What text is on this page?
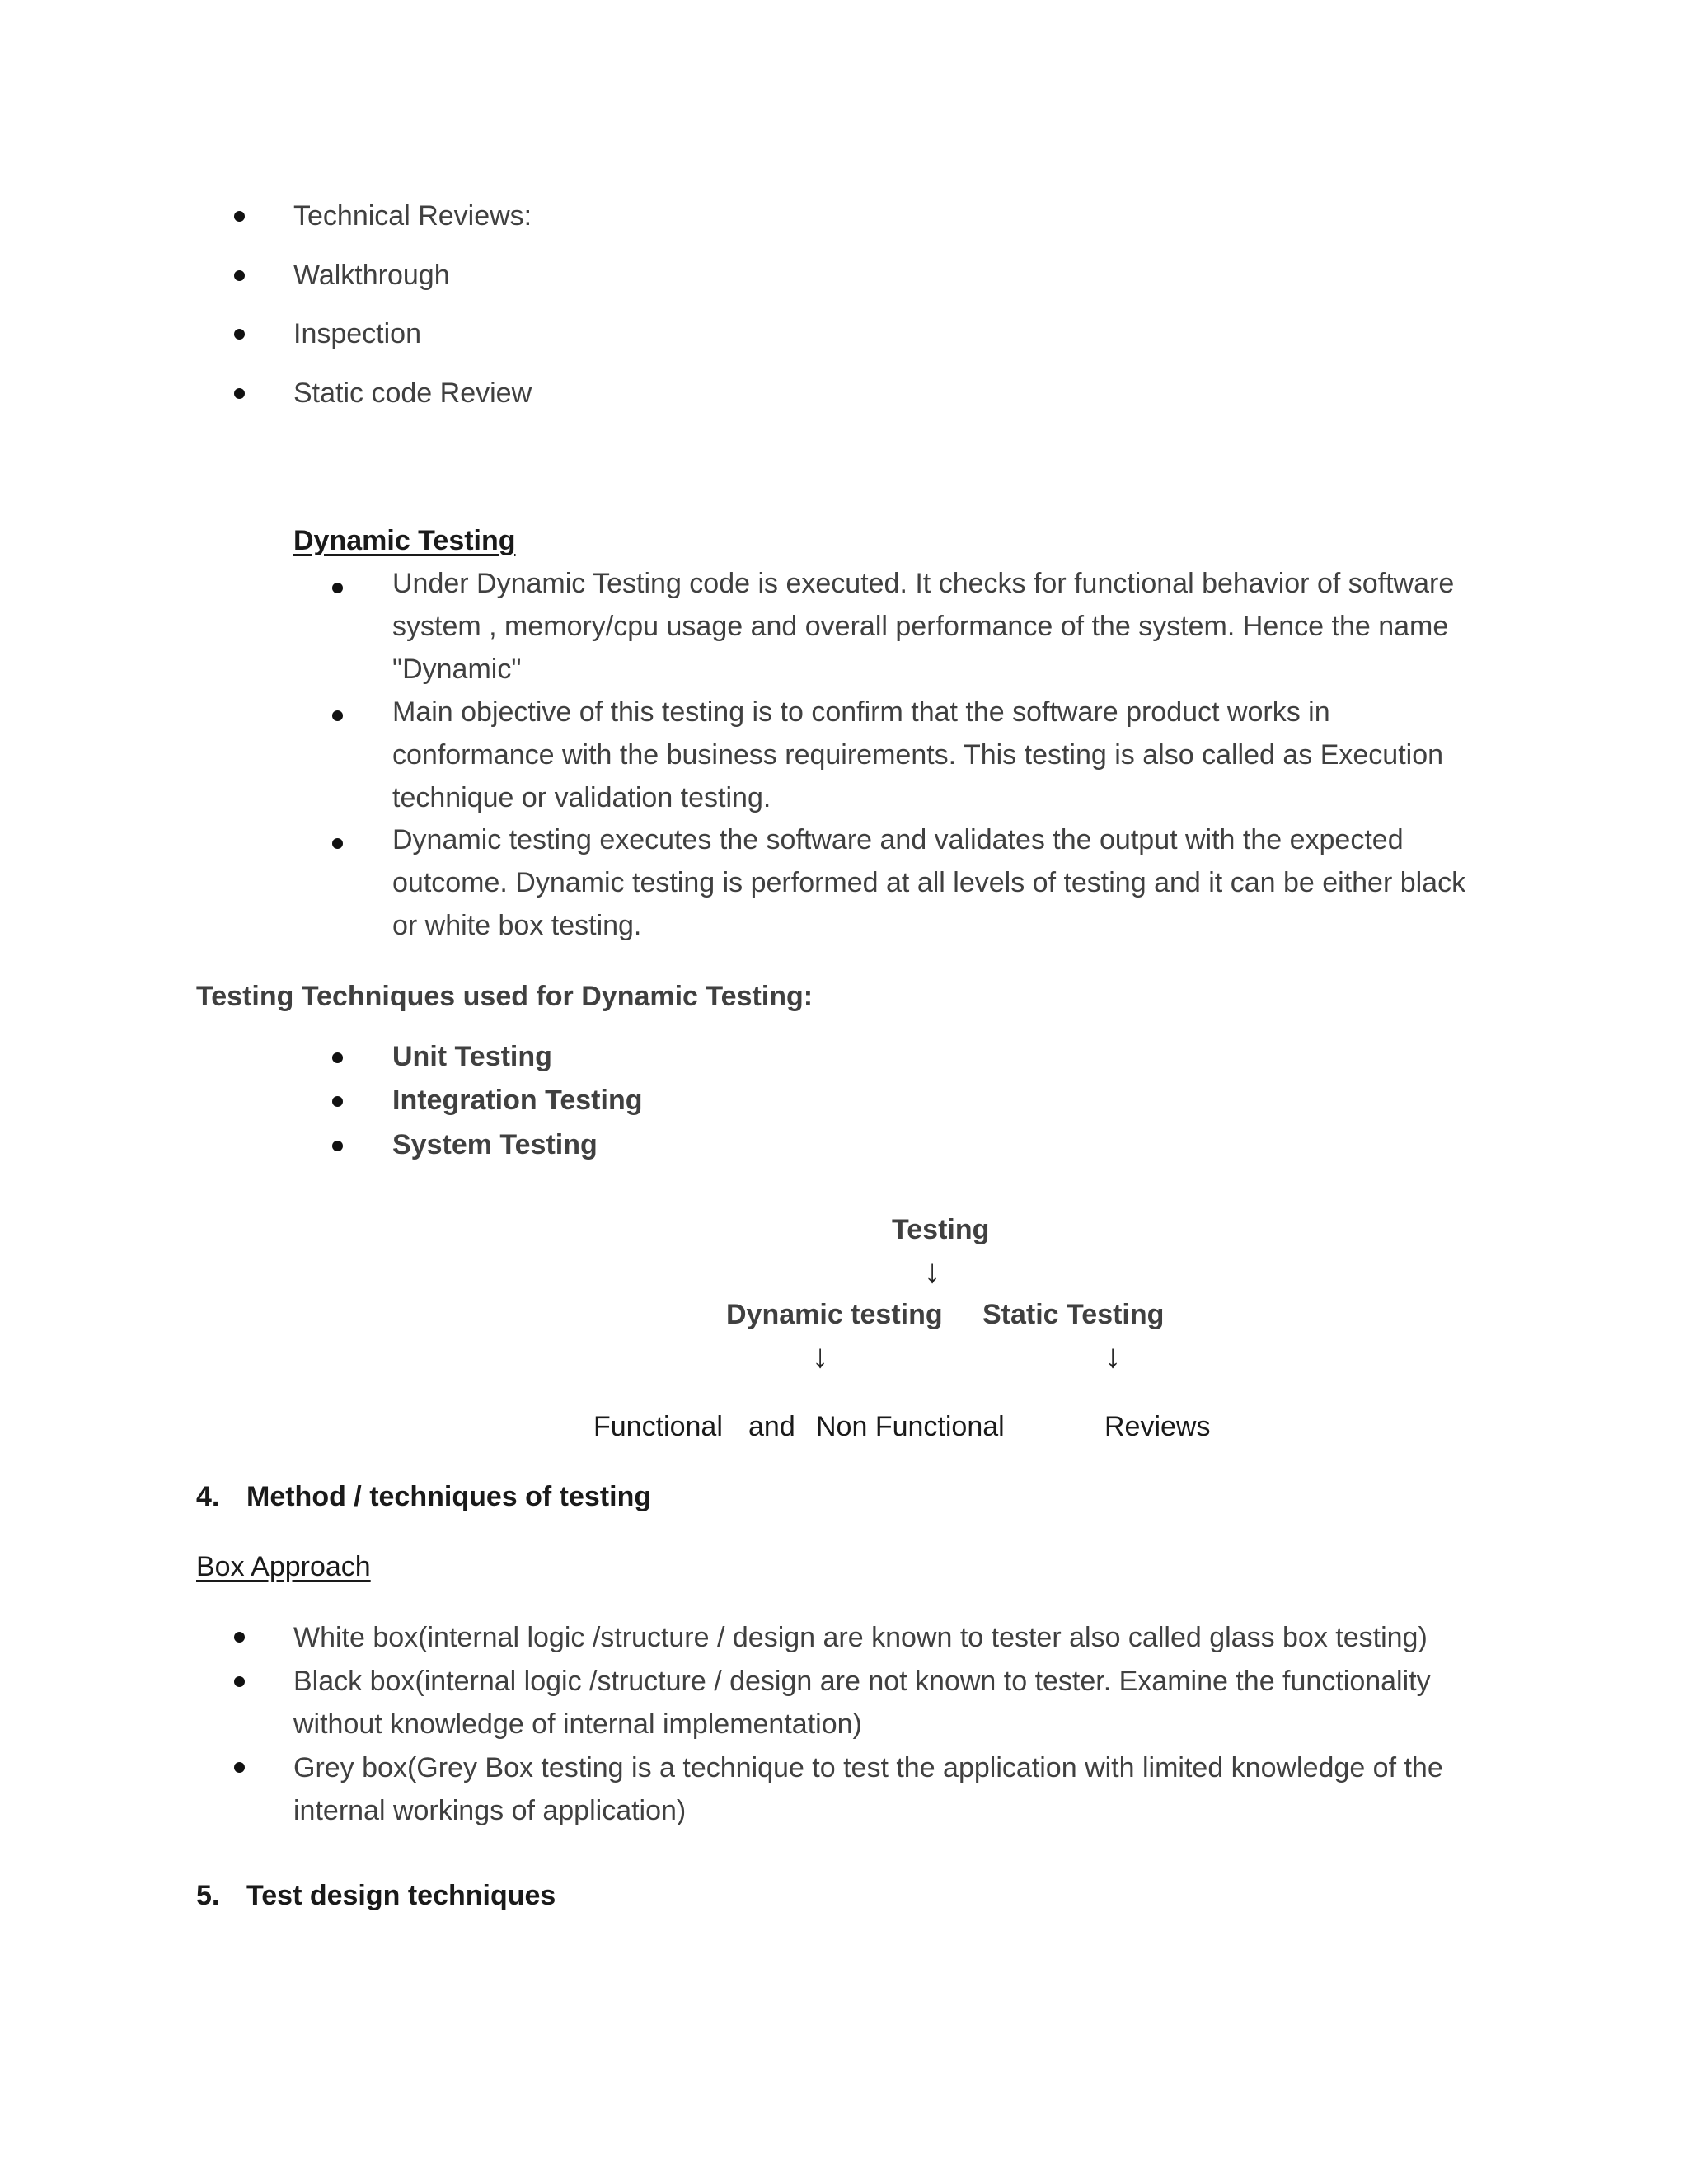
Technical Reviews:
Walkthrough
Inspection
Static code Review
Dynamic Testing
Under Dynamic Testing code is executed. It checks for functional behavior of software system , memory/cpu usage and overall performance of the system. Hence the name "Dynamic"
Main objective of this testing is to confirm that the software product works in conformance with the business requirements. This testing is also called as Execution technique or validation testing.
Dynamic testing executes the software and validates the output with the expected outcome. Dynamic testing is performed at all levels of testing and it can be either black or white box testing.
Testing Techniques used for Dynamic Testing:
Unit Testing
Integration Testing
System Testing
Testing
↓
Dynamic testing Static Testing
↓	↓
Functional and Non Functional	Reviews
4. Method / techniques of testing
Box Approach
White box(internal logic /structure / design are known to tester also called glass box testing)
Black box(internal logic /structure / design are not known to tester. Examine the functionality without knowledge of internal implementation)
Grey box(Grey Box testing is a technique to test the application with limited knowledge of the internal workings of application)
5. Test design techniques
